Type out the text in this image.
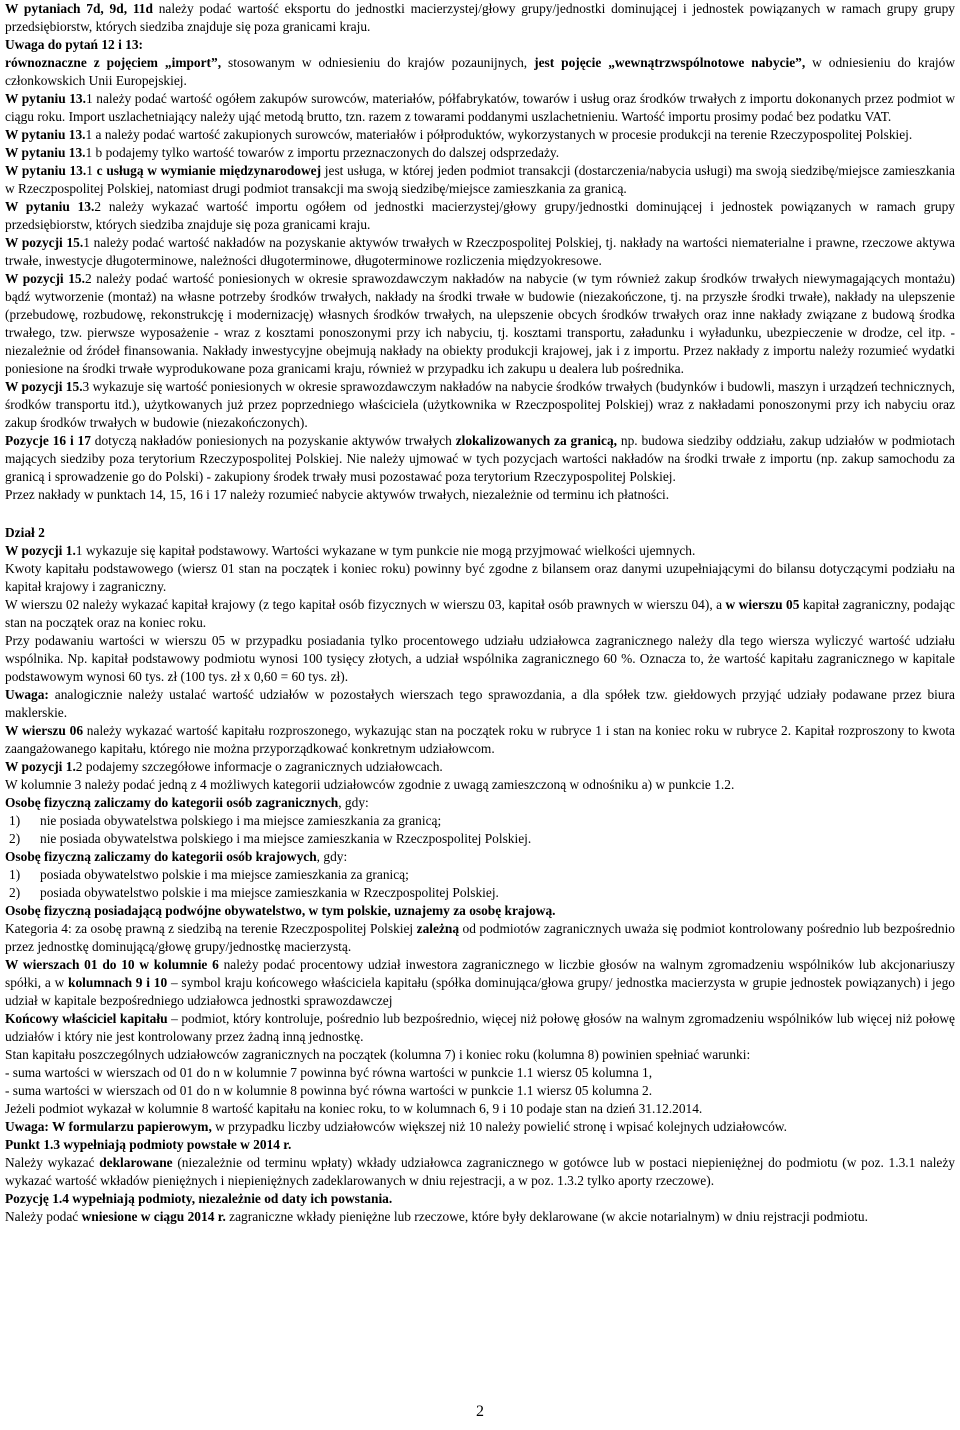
W pytaniach 7d, 9d, 11d należy podać wartość eksportu do jednostki macierzystej/głowy grupy/jednostki dominującej i jednostek powiązanych w ramach grupy grupy przedsiębiorstw, których siedziba znajduje się poza granicami kraju.

Uwaga do pytań 12 i 13:

równoznaczne z pojęciem „import”, stosowanym w odniesieniu do krajów pozaunijnych, jest pojęcie „wewnątrzwspólnotowe nabycie”, w odniesieniu do krajów członkowskich Unii Europejskiej.

W pytaniu 13.1 należy podać wartość ogółem zakupów surowców, materiałów, półfabrykatów, towarów i usług oraz środków trwałych z importu dokonanych przez podmiot w ciągu roku. Import uszlachetniający należy ująć metodą brutto, tzn. razem z towarami poddanymi uszlachetnieniu. Wartość importu prosimy podać bez podatku VAT.

W pytaniu 13.1 a należy podać wartość zakupionych surowców, materiałów i półproduktów, wykorzystanych w procesie produkcji na terenie Rzeczypospolitej Polskiej.

W pytaniu 13.1 b podajemy tylko wartość towarów z importu przeznaczonych do dalszej odsprzedaży.

W pytaniu 13.1 c usługą w wymianie międzynarodowej jest usługa, w której jeden podmiot transakcji (dostarczenia/nabycia usługi) ma swoją siedzibę/miejsce zamieszkania w Rzeczpospolitej Polskiej, natomiast drugi podmiot transakcji ma swoją siedzibę/miejsce zamieszkania za granicą.

W pytaniu 13.2 należy wykazać wartość importu ogółem od jednostki macierzystej/głowy grupy/jednostki dominującej i jednostek powiązanych w ramach grupy przedsiębiorstw, których siedziba znajduje się poza granicami kraju.

W pozycji 15.1 należy podać wartość nakładów na pozyskanie aktywów trwałych w Rzeczpospolitej Polskiej, tj. nakłady na wartości niematerialne i prawne, rzeczowe aktywa trwałe, inwestycje długoterminowe, należności długoterminowe, długoterminowe rozliczenia międzyokresowe.

W pozycji 15.2 należy podać wartość poniesionych w okresie sprawozdawczym nakładów na nabycie (w tym również zakup środków trwałych niewymagających montażu) bądź wytworzenie (montaż) na własne potrzeby środków trwałych, nakłady na środki trwałe w budowie (niezakończone, tj. na przyszłe środki trwałe), nakłady na ulepszenie (przebudowę, rozbudowę, rekonstrukcję i modernizację) własnych środków trwałych, na ulepszenie obcych środków trwałych oraz inne nakłady związane z budową środka trwałego, tzw. pierwsze wyposażenie - wraz z kosztami ponoszonymi przy ich nabyciu, tj. kosztami transportu, załadunku i wyładunku, ubezpieczenie w drodze, cel itp. - niezależnie od źródeł finansowania. Nakłady inwestycyjne obejmują nakłady na obiekty produkcji krajowej, jak i z importu. Przez nakłady z importu należy rozumieć wydatki poniesione na środki trwałe wyprodukowane poza granicami kraju, również w przypadku ich zakupu u dealera lub pośrednika.

W pozycji 15.3 wykazuje się wartość poniesionych w okresie sprawozdawczym nakładów na nabycie środków trwałych (budynków i budowli, maszyn i urządzeń technicznych, środków transportu itd.), użytkowanych już przez poprzedniego właściciela (użytkownika w Rzeczpospolitej Polskiej) wraz z nakładami ponoszonymi przy ich nabyciu oraz zakup środków trwałych w budowie (niezakończonych).

Pozycje 16 i 17 dotyczą nakładów poniesionych na pozyskanie aktywów trwałych zlokalizowanych za granicą, np. budowa siedziby oddziału, zakup udziałów w podmiotach mających siedziby poza terytorium Rzeczypospolitej Polskiej. Nie należy ujmować w tych pozycjach wartości nakładów na środki trwałe z importu (np. zakup samochodu za granicą i sprowadzenie go do Polski) - zakupiony środek trwały musi pozostawać poza terytorium Rzeczypospolitej Polskiej.

Przez nakłady w punktach 14, 15, 16 i 17 należy rozumieć nabycie aktywów trwałych, niezależnie od terminu ich płatności.

Dział 2

W pozycji 1.1 wykazuje się kapitał podstawowy. Wartości wykazane w tym punkcie nie mogą przyjmować wielkości ujemnych.

Kwoty kapitału podstawowego (wiersz 01 stan na początek i koniec roku) powinny być zgodne z bilansem oraz danymi uzupełniającymi do bilansu dotyczącymi podziału na kapitał krajowy i zagraniczny.

W wierszu 02 należy wykazać kapitał krajowy (z tego kapitał osób fizycznych w wierszu 03, kapitał osób prawnych w wierszu 04), a w wierszu 05 kapitał zagraniczny, podając stan na początek oraz na koniec roku.

Przy podawaniu wartości w wierszu 05 w przypadku posiadania tylko procentowego udziału udziałowca zagranicznego należy dla tego wiersza wyliczyć wartość udziału wspólnika. Np. kapitał podstawowy podmiotu wynosi 100 tysięcy złotych, a udział wspólnika zagranicznego 60 %. Oznacza to, że wartość kapitału zagranicznego w kapitale podstawowym wynosi 60 tys. zł (100 tys. zł x 0,60 = 60 tys. zł).

Uwaga: analogicznie należy ustalać wartość udziałów w pozostałych wierszach tego sprawozdania, a dla spółek tzw. giełdowych przyjąć udziały podawane przez biura maklerskie.

W wierszu 06 należy wykazać wartość kapitału rozproszonego, wykazując stan na początek roku w rubryce 1 i stan na koniec roku w rubryce 2. Kapitał rozproszony to kwota zaangażowanego kapitału, którego nie można przyporządkować konkretnym udziałowcom.

W pozycji 1.2 podajemy szczegółowe informacje o zagranicznych udziałowcach.

W kolumnie 3 należy podać jedną z 4 możliwych kategorii udziałowców zgodnie z uwagą zamieszczoną w odnośniku a) w punkcie 1.2.

Osobę fizyczną zaliczamy do kategorii osób zagranicznych, gdy:

1)	nie posiada obywatelstwa polskiego i ma miejsce zamieszkania za granicą;
2)	nie posiada obywatelstwa polskiego i ma miejsce zamieszkania w Rzeczpospolitej Polskiej.

Osobę fizyczną zaliczamy do kategorii osób krajowych, gdy:

1)	posiada obywatelstwo polskie i ma miejsce zamieszkania za granicą;
2)	posiada obywatelstwo polskie i ma miejsce zamieszkania w Rzeczpospolitej Polskiej.

Osobę fizyczną posiadającą podwójne obywatelstwo, w tym polskie, uznajemy za osobę krajową.

Kategoria 4: za osobę prawną z siedzibą na terenie Rzeczpospolitej Polskiej zależną od podmiotów zagranicznych uważa się podmiot kontrolowany pośrednio lub bezpośrednio przez jednostkę dominującą/głowę grupy/jednostkę macierzystą.

W wierszach 01 do 10 w kolumnie 6 należy podać procentowy udział inwestora zagranicznego w liczbie głosów na walnym zgromadzeniu wspólników lub akcjonariuszy spółki, a w kolumnach 9 i 10 – symbol kraju końcowego właściciela kapitału (spółka dominująca/głowa grupy/ jednostka macierzysta w grupie jednostek powiązanych) i jego udział w kapitale bezpośredniego udziałowca jednostki sprawozdawczej

Końcowy właściciel kapitału – podmiot, który kontroluje, pośrednio lub bezpośrednio, więcej niż połowę głosów na walnym zgromadzeniu wspólników lub więcej niż połowę udziałów i który nie jest kontrolowany przez żadną inną jednostkę.

Stan kapitału poszczególnych udziałowców zagranicznych na początek (kolumna 7) i koniec roku (kolumna 8) powinien spełniać warunki:

- suma wartości w wierszach od 01 do n w kolumnie 7 powinna być równa wartości w punkcie 1.1 wiersz 05 kolumna 1,

- suma wartości w wierszach od 01 do n w kolumnie 8 powinna być równa wartości w punkcie 1.1 wiersz 05 kolumna 2.

Jeżeli podmiot wykazał w kolumnie 8 wartość kapitału na koniec roku, to w kolumnach 6, 9 i 10 podaje stan na dzień 31.12.2014.

Uwaga: W formularzu papierowym, w przypadku liczby udziałowców większej niż 10 należy powielić stronę i wpisać kolejnych udziałowców.

Punkt 1.3 wypełniają podmioty powstałe w 2014 r.

Należy wykazać deklarowane (niezależnie od terminu wpłaty) wkłady udziałowca zagranicznego w gotówce lub w postaci niepieniężnej do podmiotu (w poz. 1.3.1 należy wykazać wartość wkładów pieniężnych i niepieniężnych zadeklarowanych w dniu rejestracji, a w poz. 1.3.2 tylko aporty rzeczowe).

Pozycję 1.4 wypełniają podmioty, niezależnie od daty ich powstania.

Należy podać wniesione w ciągu 2014 r. zagraniczne wkłady pieniężne lub rzeczowe, które były deklarowane (w akcie notarialnym) w dniu rejstracji podmiotu.

2
